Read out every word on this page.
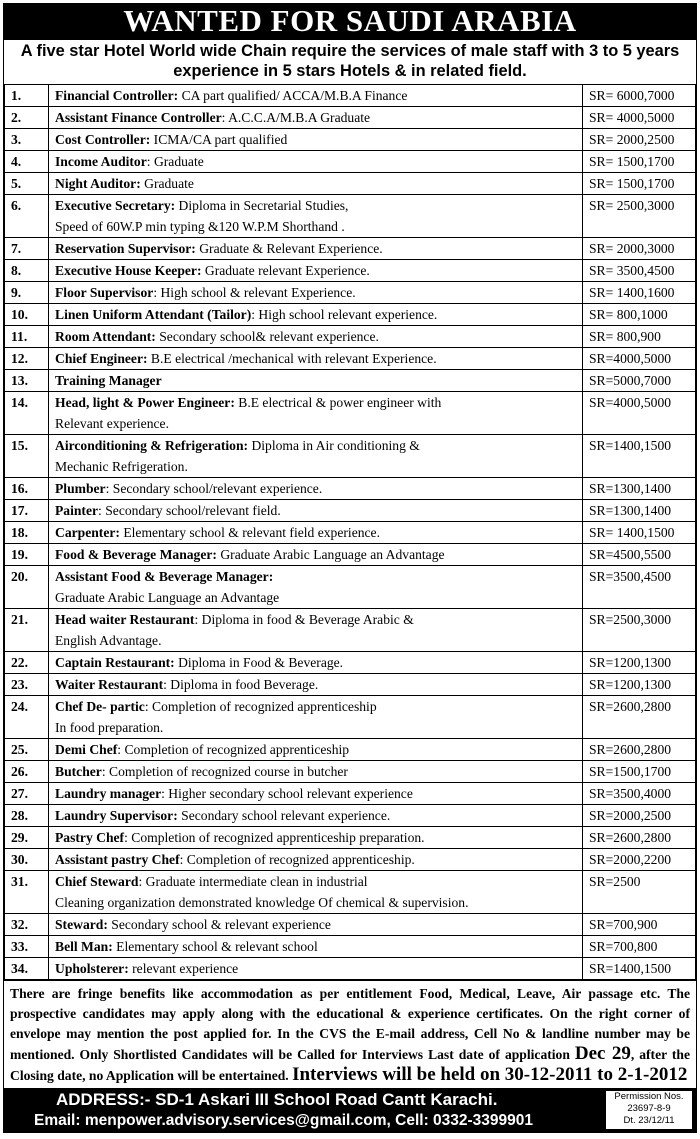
WANTED FOR SAUDI ARABIA
A five star Hotel World wide Chain require the services of male staff with 3 to 5 years experience in 5 stars Hotels & in related field.
1.	Financial Controller: CA part qualified/ ACCA/M.B.A Finance	SR= 6000,7000
2.	Assistant Finance Controller: A.C.C.A/M.B.A Graduate	SR= 4000,5000
3.	Cost Controller: ICMA/CA part qualified	SR= 2000,2500
4.	Income Auditor: Graduate	SR= 1500,1700
5.	Night Auditor: Graduate	SR= 1500,1700
6.	Executive Secretary: Diploma in Secretarial Studies,
Speed of 60W.P min typing &120 W.P.M Shorthand .	SR= 2500,3000
7.	Reservation Supervisor: Graduate & Relevant Experience.	SR= 2000,3000
8.	Executive House Keeper: Graduate relevant Experience.	SR= 3500,4500
9.	Floor Supervisor: High school & relevant Experience.	SR= 1400,1600
10.	Linen Uniform Attendant (Tailor): High school relevant experience.	SR= 800,1000
11.	Room Attendant: Secondary school& relevant experience.	SR= 800,900
12.	Chief Engineer: B.E electrical /mechanical with relevant Experience.	SR=4000,5000
13.	Training Manager	SR=5000,7000
14.	Head, light & Power Engineer: B.E electrical & power engineer with
Relevant experience.	SR=4000,5000
15.	Airconditioning & Refrigeration: Diploma in Air conditioning &
Mechanic Refrigeration.	SR=1400,1500
16.	Plumber: Secondary school/relevant experience.	SR=1300,1400
17.	Painter: Secondary school/relevant field.	SR=1300,1400
18.	Carpenter: Elementary school & relevant field experience.	SR= 1400,1500
19.	Food & Beverage Manager: Graduate Arabic Language an Advantage	SR=4500,5500
20.	Assistant Food & Beverage Manager:
Graduate Arabic Language an Advantage	SR=3500,4500
21.	Head waiter Restaurant: Diploma in food & Beverage Arabic &
English Advantage.	SR=2500,3000
22.	Captain Restaurant: Diploma in Food & Beverage.	SR=1200,1300
23.	Waiter Restaurant: Diploma in food Beverage.	SR=1200,1300
24.	Chef De- partic: Completion of recognized apprenticeship
In food preparation.	SR=2600,2800
25.	Demi Chef: Completion of recognized apprenticeship	SR=2600,2800
26.	Butcher: Completion of recognized course in butcher	SR=1500,1700
27.	Laundry manager: Higher secondary school relevant experience	SR=3500,4000
28.	Laundry Supervisor: Secondary school relevant experience.	SR=2000,2500
29.	Pastry Chef: Completion of recognized apprenticeship preparation.	SR=2600,2800
30.	Assistant pastry Chef: Completion of recognized apprenticeship.	SR=2000,2200
31.	Chief Steward: Graduate intermediate clean in industrial
Cleaning organization demonstrated knowledge Of chemical & supervision.	SR=2500
32.	Steward: Secondary school & relevant experience	SR=700,900
33.	Bell Man: Elementary school & relevant school	SR=700,800
34.	Upholsterer: relevant experience	SR=1400,1500
There are fringe benefits like accommodation as per entitlement Food, Medical, Leave, Air passage etc. The prospective candidates may apply along with the educational & experience certificates. On the right corner of envelope may mention the post applied for. In the CVS the E-mail address, Cell No & landline number may be mentioned. Only Shortlisted Candidates will be Called for Interviews Last date of application Dec 29, after the Closing date, no Application will be entertained. Interviews will be held on 30-12-2011 to 2-1-2012
ADDRESS:- SD-1 Askari III School Road Cantt Karachi.
Email: menpower.advisory.services@gmail.com, Cell: 0332-3399901
Permission Nos.
23697-8-9
Dt. 23/12/11
